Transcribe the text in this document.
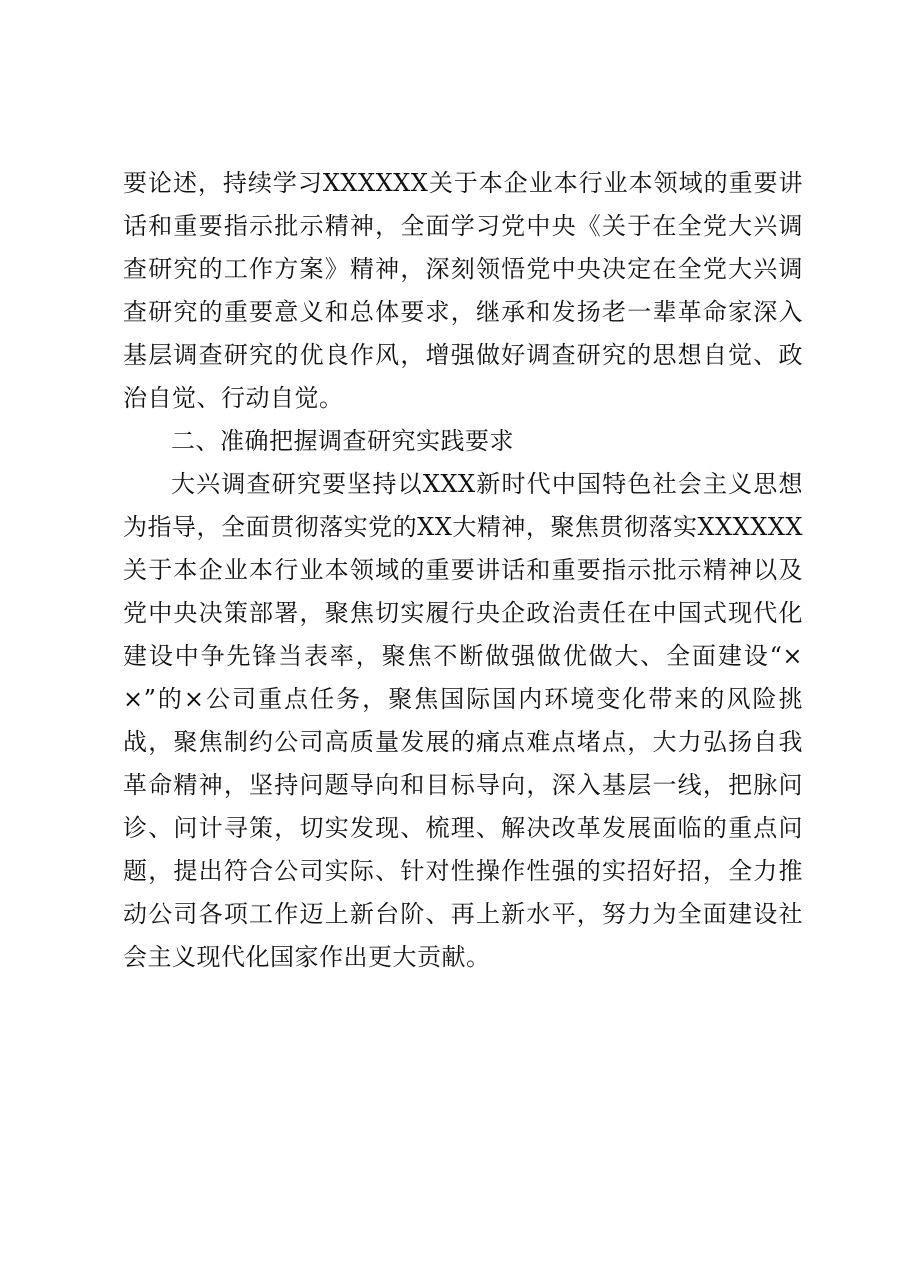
要论述，持续学习XXXXXX关于本企业本行业本领域的重要讲话和重要指示批示精神，全面学习党中央《关于在全党大兴调查研究的工作方案》精神，深刻领悟党中央决定在全党大兴调查研究的重要意义和总体要求，继承和发扬老一辈革命家深入基层调查研究的优良作风，增强做好调查研究的思想自觉、政治自觉、行动自觉。

二、准确把握调查研究实践要求

大兴调查研究要坚持以XXX新时代中国特色社会主义思想为指导，全面贯彻落实党的XX大精神，聚焦贯彻落实XXXXXX关于本企业本行业本领域的重要讲话和重要指示批示精神以及党中央决策部署，聚焦切实履行央企政治责任在中国式现代化建设中争先锋当表率，聚焦不断做强做优做大、全面建设“××”的×公司重点任务，聚焦国际国内环境变化带来的风险挑战，聚焦制约公司高质量发展的痛点难点堵点，大力弘扬自我革命精神，坚持问题导向和目标导向，深入基层一线，把脉问诊、问计寻策，切实发现、梳理、解决改革发展面临的重点问题，提出符合公司实际、针对性操作性强的实招好招，全力推动公司各项工作迈上新台阶、再上新水平，努力为全面建设社会主义现代化国家作出更大贡献。
